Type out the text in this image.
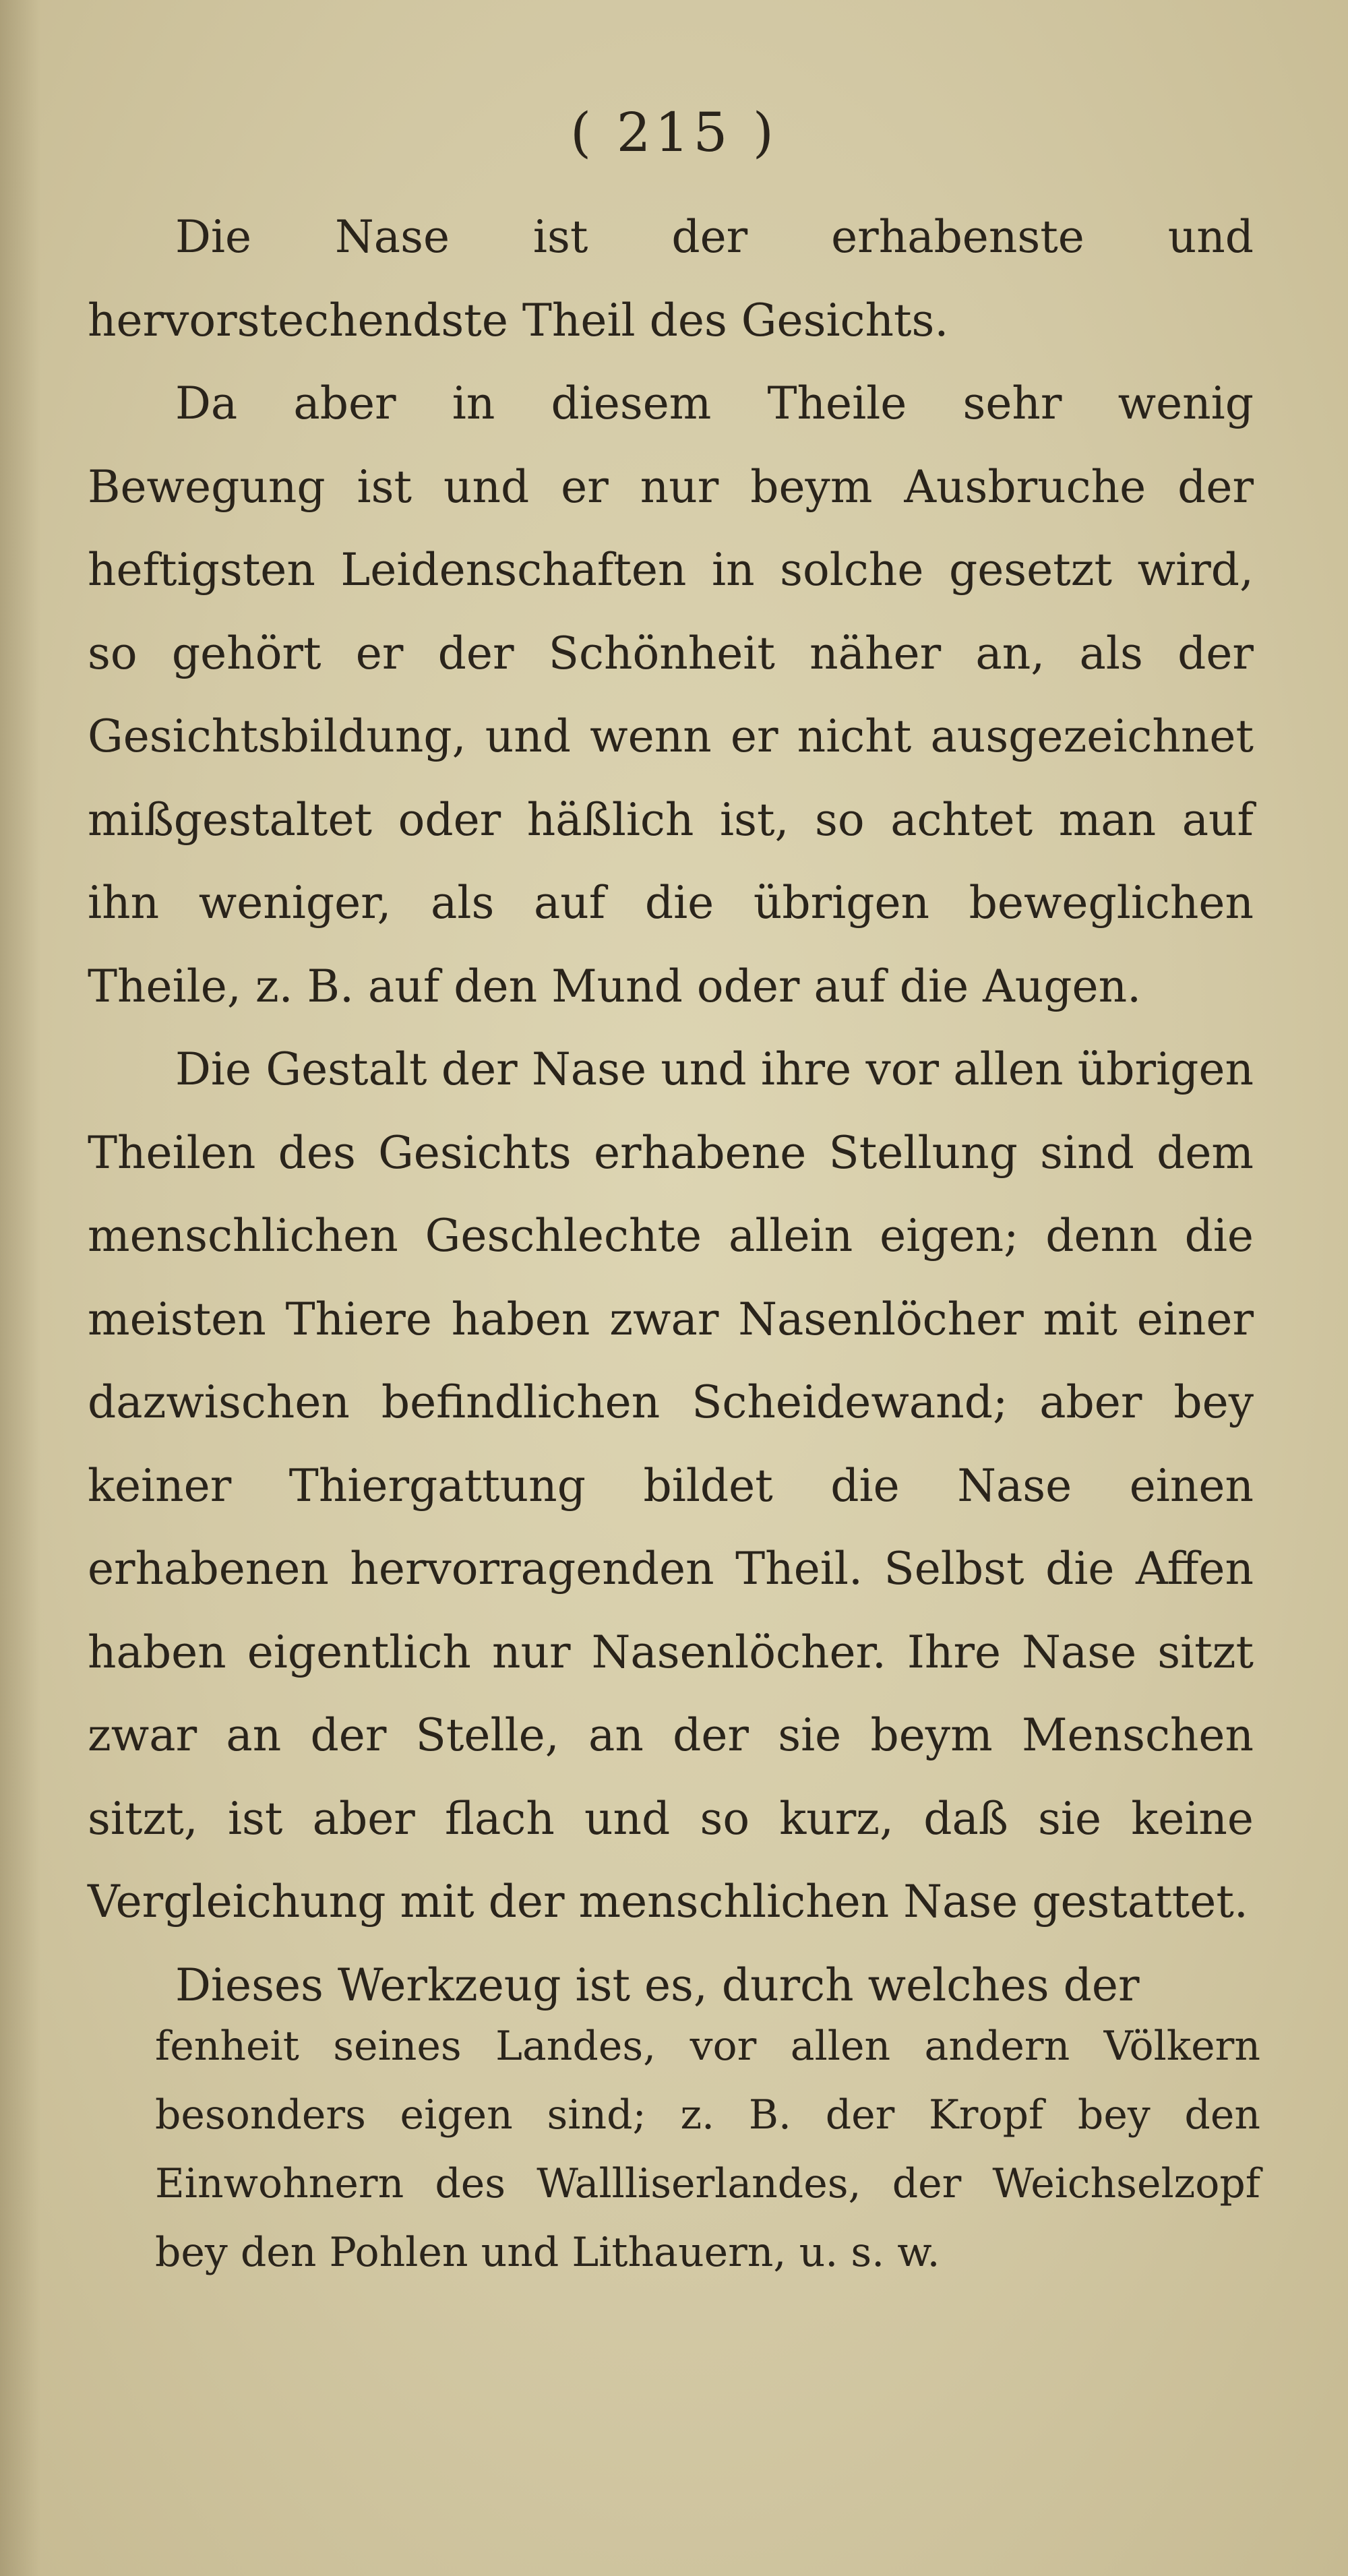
( 215 )

Die Nase ist der erhabenste und hervorstechendste Theil des Gesichts.

Da aber in diesem Theile sehr wenig Bewegung ist und er nur beym Ausbruche der heftigsten Leidenschaften in solche gesetzt wird, so gehört er der Schönheit näher an, als der Gesichtsbildung, und wenn er nicht ausgezeichnet mißgestaltet oder häßlich ist, so achtet man auf ihn weniger, als auf die übrigen beweglichen Theile, z. B. auf den Mund oder auf die Augen.

Die Gestalt der Nase und ihre vor allen übrigen Theilen des Gesichts erhabene Stellung sind dem menschlichen Geschlechte allein eigen; denn die meisten Thiere haben zwar Nasenlöcher mit einer dazwischen befindlichen Scheidewand; aber bey keiner Thiergattung bildet die Nase einen erhabenen hervorragenden Theil. Selbst die Affen haben eigentlich nur Nasenlöcher. Ihre Nase sitzt zwar an der Stelle, an der sie beym Menschen sitzt, ist aber flach und so kurz, daß sie keine Vergleichung mit der menschlichen Nase gestattet.

Dieses Werkzeug ist es, durch welches der

fenheit seines Landes, vor allen andern Völkern besonders eigen sind; z. B. der Kropf bey den Einwohnern des Wallliserlandes, der Weichselzopf bey den Pohlen und Lithauern, u. s. w.
